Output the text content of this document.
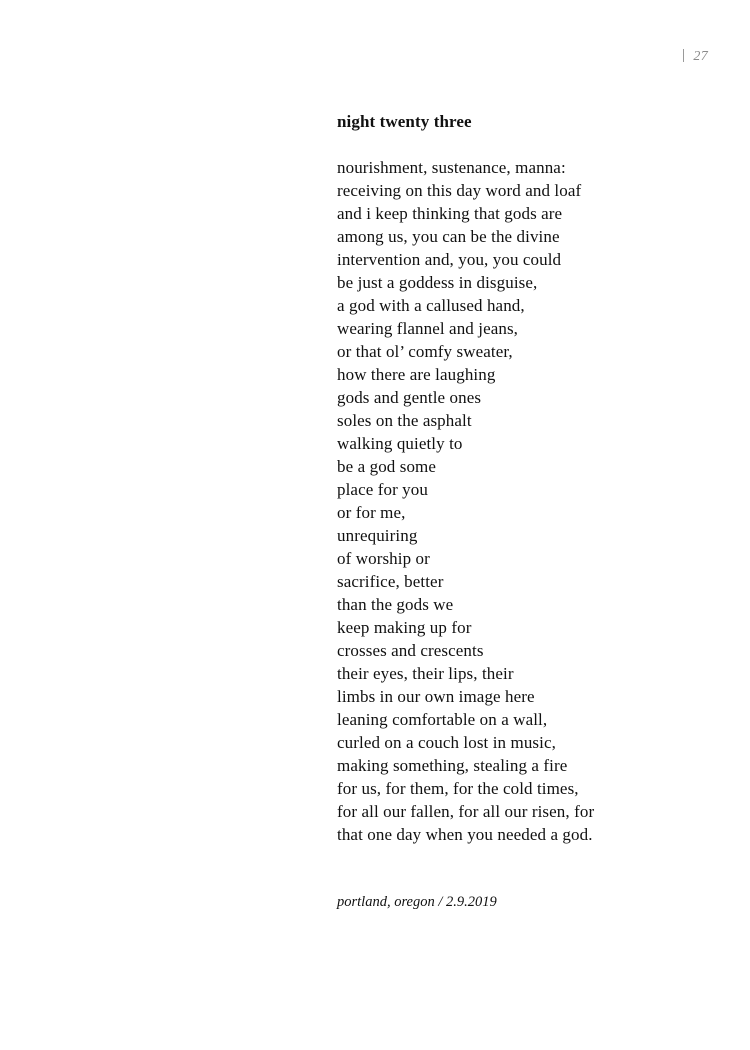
27
night twenty three
nourishment, sustenance, manna:
receiving on this day word and loaf
and i keep thinking that gods are
among us, you can be the divine
intervention and, you, you could
be just a goddess in disguise,
a god with a callused hand,
wearing flannel and jeans,
or that ol’ comfy sweater,
how there are laughing
gods and gentle ones
soles on the asphalt
walking quietly to
be a god some
place for you
or for me,
unrequiring
of worship or
sacrifice, better
than the gods we
keep making up for
crosses and crescents
their eyes, their lips, their
limbs in our own image here
leaning comfortable on a wall,
curled on a couch lost in music,
making something, stealing a fire
for us, for them, for the cold times,
for all our fallen, for all our risen, for
that one day when you needed a god.
portland, oregon / 2.9.2019
